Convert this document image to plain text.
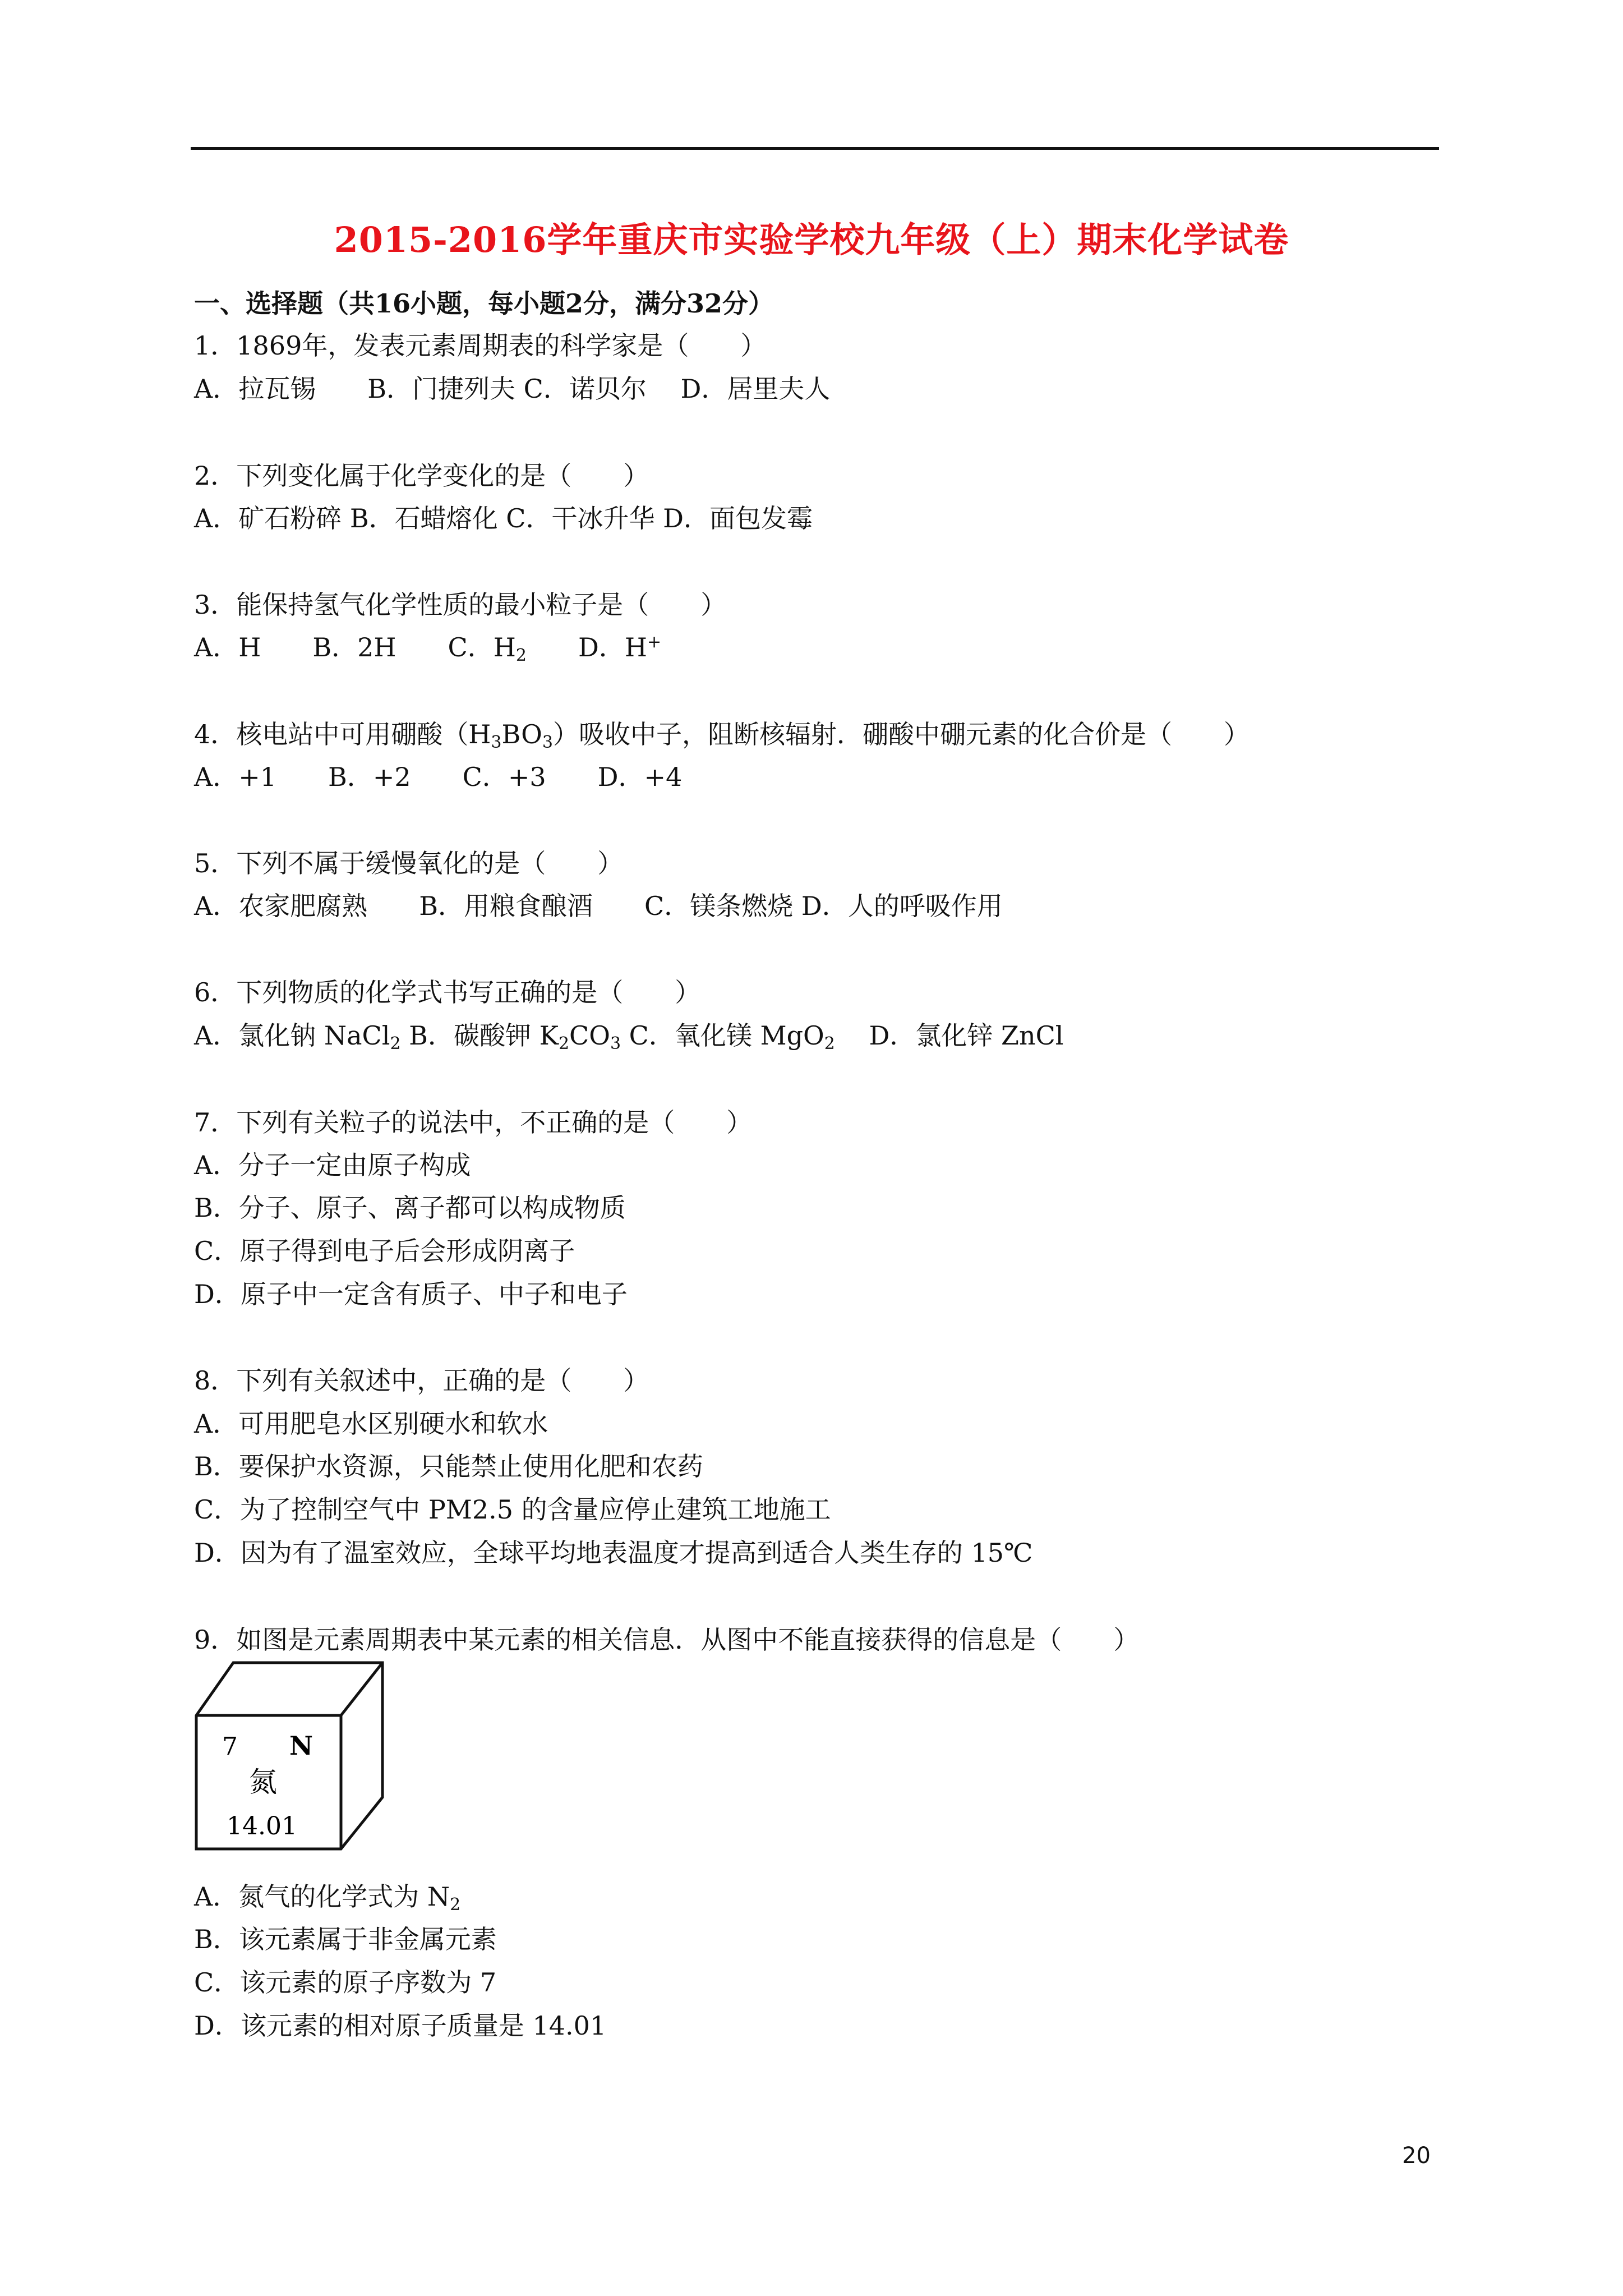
2015-2016学年重庆市实验学校九年级（上）期末化学试卷
一、选择题（共16小题，每小题2分，满分32分）
1．1869年，发表元素周期表的科学家是（　　）
A．拉瓦锡　　B．门捷列夫 C．诺贝尔　 D．居里夫人
2．下列变化属于化学变化的是（　　）
A．矿石粉碎 B．石蜡熔化 C．干冰升华 D．面包发霉
3．能保持氢气化学性质的最小粒子是（　　）
A．H　　B．2H　　C．$H_2$　　D．H+
4．核电站中可用硼酸$(H_3BO_3)$吸收中子，阻断核辐射．硼酸中硼元素的化合价是（　　）
A．+1　　B．+2　　C．+3　　D．+4
5．下列不属于缓慢氧化的是（　　）
A．农家肥腐熟　　B．用粮食酿酒　　C．镁条燃烧 D．人的呼吸作用
6．下列物质的化学式书写正确的是（　　）
A．氯化钠 NaCl$_2$ B．碳酸钾 $K_2CO_3$ C．氧化镁 MgO$_2$　 D．氯化锌 ZnCl
7．下列有关粒子的说法中，不正确的是（　　）
A．分子一定由原子构成
B．分子、原子、离子都可以构成物质
C．原子得到电子后会形成阴离子
D．原子中一定含有质子、中子和电子
8．下列有关叙述中，正确的是（　　）
A．可用肥皂水区别硬水和软水
B．要保护水资源，只能禁止使用化肥和农药
C．为了控制空气中 PM2.5 的含量应停止建筑工地施工
D．因为有了温室效应，全球平均地表温度才提高到适合人类生存的 15℃
9．如图是元素周期表中某元素的相关信息．从图中不能直接获得的信息是（　　）
7 N
氮
14.01
A．氮气的化学式为 $N_2$
B．该元素属于非金属元素
C．该元素的原子序数为 7
D．该元素的相对原子质量是 14.01
20
